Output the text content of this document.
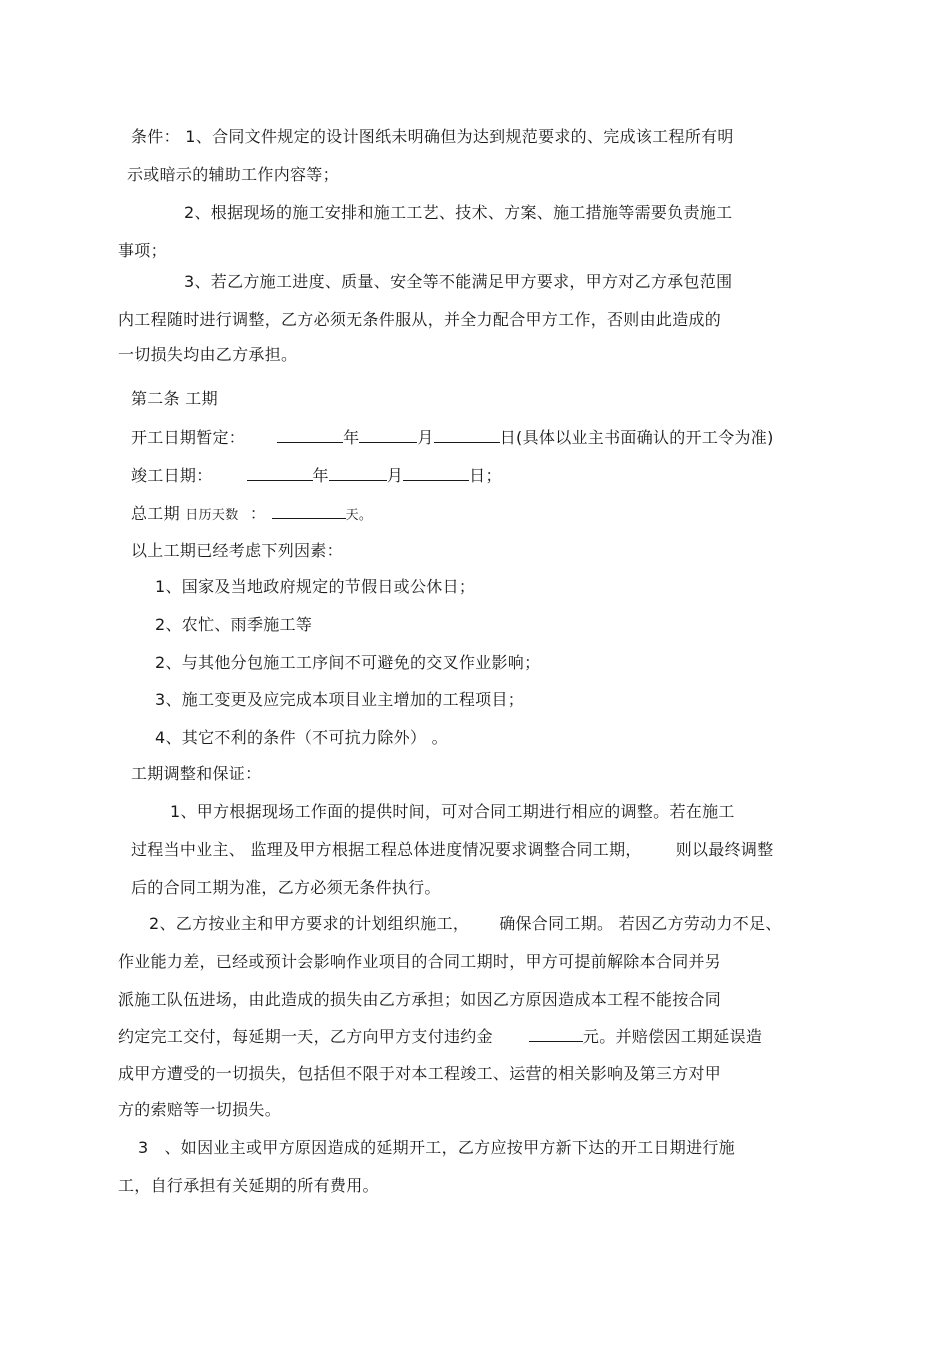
条件： 1、合同文件规定的设计图纸未明确但为达到规范要求的、完成该工程所有明
示或暗示的辅助工作内容等；
2、根据现场的施工安排和施工工艺、技术、方案、施工措施等需要负责施工
事项；
3、若乙方施工进度、质量、安全等不能满足甲方要求，甲方对乙方承包范围
内工程随时进行调整，乙方必须无条件服从，并全力配合甲方工作，否则由此造成的
一切损失均由乙方承担。
第二条 工期
开工日期暂定：	年	月	日(具体以业主书面确认的开工令为准)
竣工日期：	年	月	日；
总工期 日历天数 ：	天。
以上工期已经考虑下列因素：
1、国家及当地政府规定的节假日或公休日；
2、农忙、雨季施工等
2、与其他分包施工工序间不可避免的交叉作业影响；
3、施工变更及应完成本项目业主增加的工程项目；
4、其它不利的条件（不可抗力除外） 。
工期调整和保证：
1、甲方根据现场工作面的提供时间，可对合同工期进行相应的调整。若在施工
过程当中业主、 监理及甲方根据工程总体进度情况要求调整合同工期， 则以最终调整
后的合同工期为准，乙方必须无条件执行。
2、乙方按业主和甲方要求的计划组织施工， 确保合同工期。 若因乙方劳动力不足、
作业能力差，已经或预计会影响作业项目的合同工期时，甲方可提前解除本合同并另
派施工队伍进场，由此造成的损失由乙方承担；如因乙方原因造成本工程不能按合同
约定完工交付，每延期一天，乙方向甲方支付违约金	元。并赔偿因工期延误造
成甲方遭受的一切损失，包括但不限于对本工程竣工、运营的相关影响及第三方对甲
方的索赔等一切损失。
3 、如因业主或甲方原因造成的延期开工，乙方应按甲方新下达的开工日期进行施
工，自行承担有关延期的所有费用。
